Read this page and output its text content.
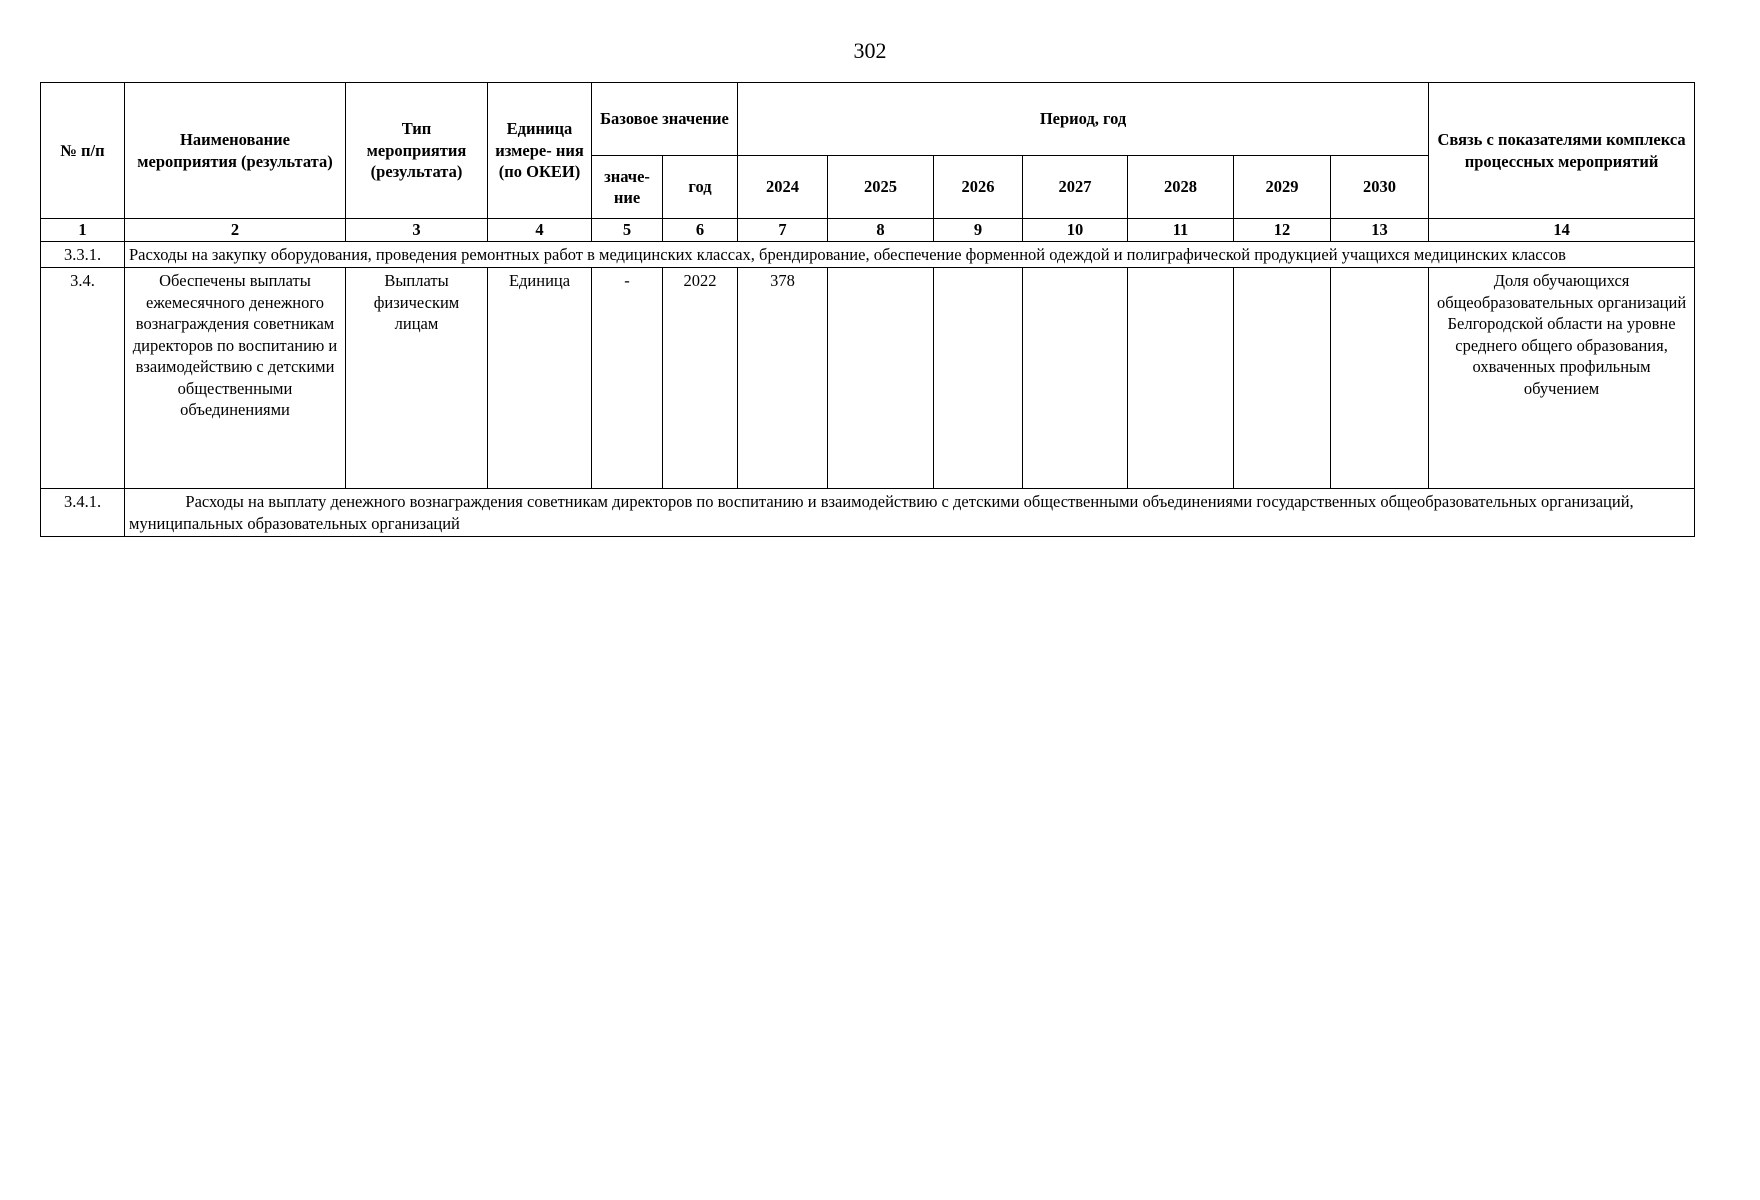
302
№ п/п	Наименование мероприятия (результата)	Тип мероприятия (результата)	Единица измере- ния (по ОКЕИ)	Базовое значение		Период, год							Связь с показателями комплекса процессных мероприятий
				значе- ние	год	2024	2025	2026	2027	2028	2029	2030	
1	2	3	4	5	6	7	8	9	10	11	12	13	14
3.3.1.	Расходы на закупку оборудования, проведения ремонтных работ в медицинских классах, брендирование, обеспечение форменной одеждой и полиграфической продукцией учащихся медицинских классов												
3.4.	Обеспечены выплаты ежемесячного денежного вознаграждения советникам директоров по воспитанию и взаимодействию с детскими общественными объединениями	Выплаты физическим лицам	Единица	-	2022	378							Доля обучающихся общеобразовательных организаций Белгородской области на уровне среднего общего образования, охваченных профильным обучением
3.4.1.	Расходы на выплату денежного вознаграждения советникам директоров по воспитанию и взаимодействию с детскими общественными объединениями государственных общеобразовательных организаций, муниципальных образовательных организаций												
